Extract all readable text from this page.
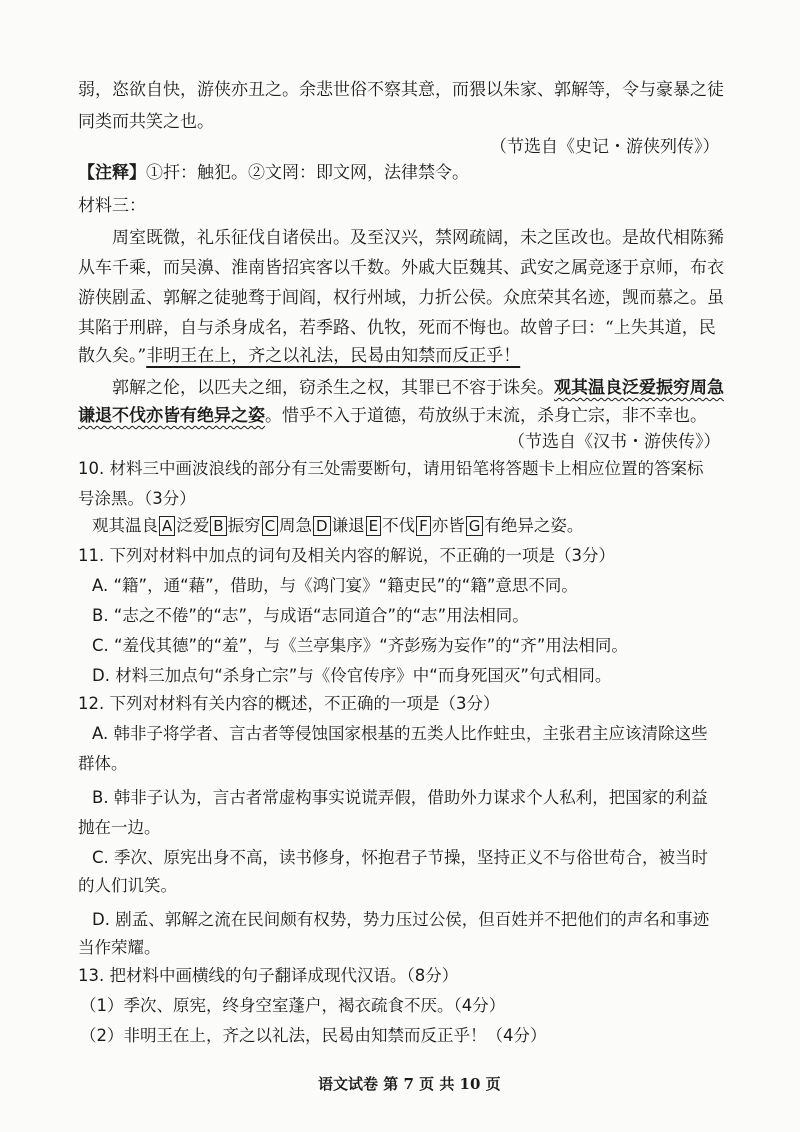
弱，恣欲自快，游侠亦丑之。余悲世俗不察其意，而猥以朱家、郭解等，令与豪暴之徒

同类而共笑之也。

（节选自《史记・游侠列传》）

【注释】①扞：触犯。②文罔：即文网，法律禁令。

材料三：

周室既微，礼乐征伐自诸侯出。及至汉兴，禁网疏阔，未之匡改也。是故代相陈豨

从车千乘，而吴濞、淮南皆招宾客以千数。外戚大臣魏其、武安之属竞逐于京师，布衣

游侠剧孟、郭解之徒驰骛于闾阎，权行州域，力折公侯。众庶荣其名迹，觊而慕之。虽

其陷于刑辟，自与杀身成名，若季路、仇牧，死而不悔也。故曾子曰：“上失其道，民

散久矣。”非明王在上，齐之以礼法，民曷由知禁而反正乎！

郭解之伦，以匹夫之细，窃杀生之权，其罪已不容于诛矣。观其温良泛爱振穷周急

谦退不伐亦皆有绝异之姿。惜乎不入于道德，苟放纵于末流，杀身亡宗，非不幸也。

（节选自《汉书・游侠传》）

10. 材料三中画波浪线的部分有三处需要断句，请用铅笔将答题卡上相应位置的答案标

号涂黑。（3分）

观其温良 A 泛爱 B 振穷 C 周急 D 谦退 E 不伐 F 亦皆 G 有绝异之姿。

11. 下列对材料中加点的词句及相关内容的解说，不正确的一项是（3分）

A. “籍”，通“藉”，借助，与《鸿门宴》“籍吏民”的“籍”意思不同。

B. “志之不倦”的“志”，与成语“志同道合”的“志”用法相同。

C. “羞伐其德”的“羞”，与《兰亭集序》“齐彭殇为妄作”的“齐”用法相同。

D. 材料三加点句“杀身亡宗”与《伶官传序》中“而身死国灭”句式相同。

12. 下列对材料有关内容的概述，不正确的一项是（3分）

A. 韩非子将学者、言古者等侵蚀国家根基的五类人比作蛀虫，主张君主应该清除这些

群体。

B. 韩非子认为，言古者常虚构事实说谎弄假，借助外力谋求个人私利，把国家的利益

抛在一边。

C. 季次、原宪出身不高，读书修身，怀抱君子节操，坚持正义不与俗世苟合，被当时

的人们讥笑。

D. 剧孟、郭解之流在民间颇有权势，势力压过公侯，但百姓并不把他们的声名和事迹

当作荣耀。

13. 把材料中画横线的句子翻译成现代汉语。（8分）

（1）季次、原宪，终身空室蓬户，褐衣疏食不厌。（4分）

（2）非明王在上，齐之以礼法，民曷由知禁而反正乎！（4分）

语文试卷 第 7 页 共 10 页
